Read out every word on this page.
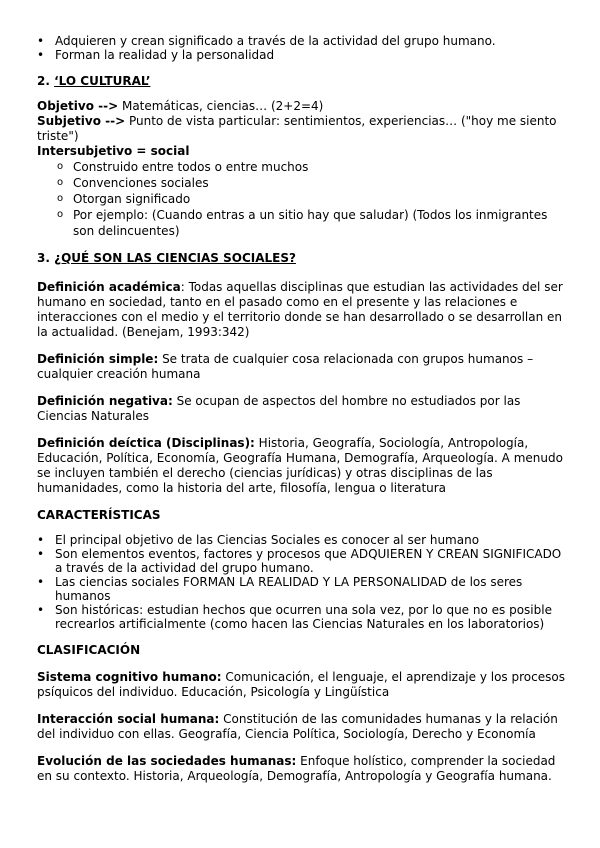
• Adquieren y crean significado a través de la actividad del grupo humano.
• Forman la realidad y la personalidad

2. ‘LO CULTURAL’

Objetivo --> Matemáticas, ciencias… (2+2=4)

Subjetivo --> Punto de vista particular: sentimientos, experiencias… ("hoy me siento triste")

Intersubjetivo = social

o Construido entre todos o entre muchos
o Convenciones sociales
o Otorgan significado
o Por ejemplo: (Cuando entras a un sitio hay que saludar) (Todos los inmigrantes son delincuentes)

3. ¿QUÉ SON LAS CIENCIAS SOCIALES?

Definición académica: Todas aquellas disciplinas que estudian las actividades del ser humano en sociedad, tanto en el pasado como en el presente y las relaciones e interacciones con el medio y el territorio donde se han desarrollado o se desarrollan en la actualidad. (Benejam, 1993:342)

Definición simple: Se trata de cualquier cosa relacionada con grupos humanos – cualquier creación humana

Definición negativa: Se ocupan de aspectos del hombre no estudiados por las Ciencias Naturales

Definición deíctica (Disciplinas): Historia, Geografía, Sociología, Antropología, Educación, Política, Economía, Geografía Humana, Demografía, Arqueología. A menudo se incluyen también el derecho (ciencias jurídicas) y otras disciplinas de las humanidades, como la historia del arte, filosofía, lengua o literatura

CARACTERÍSTICAS

• El principal objetivo de las Ciencias Sociales es conocer al ser humano
• Son elementos eventos, factores y procesos que ADQUIEREN Y CREAN SIGNIFICADO a través de la actividad del grupo humano.
• Las ciencias sociales FORMAN LA REALIDAD Y LA PERSONALIDAD de los seres humanos
• Son históricas: estudian hechos que ocurren una sola vez, por lo que no es posible recrearlos artificialmente (como hacen las Ciencias Naturales en los laboratorios)

CLASIFICACIÓN

Sistema cognitivo humano: Comunicación, el lenguaje, el aprendizaje y los procesos psíquicos del individuo. Educación, Psicología y Lingüística

Interacción social humana: Constitución de las comunidades humanas y la relación del individuo con ellas. Geografía, Ciencia Política, Sociología, Derecho y Economía

Evolución de las sociedades humanas: Enfoque holístico, comprender la sociedad en su contexto. Historia, Arqueología, Demografía, Antropología y Geografía humana.
